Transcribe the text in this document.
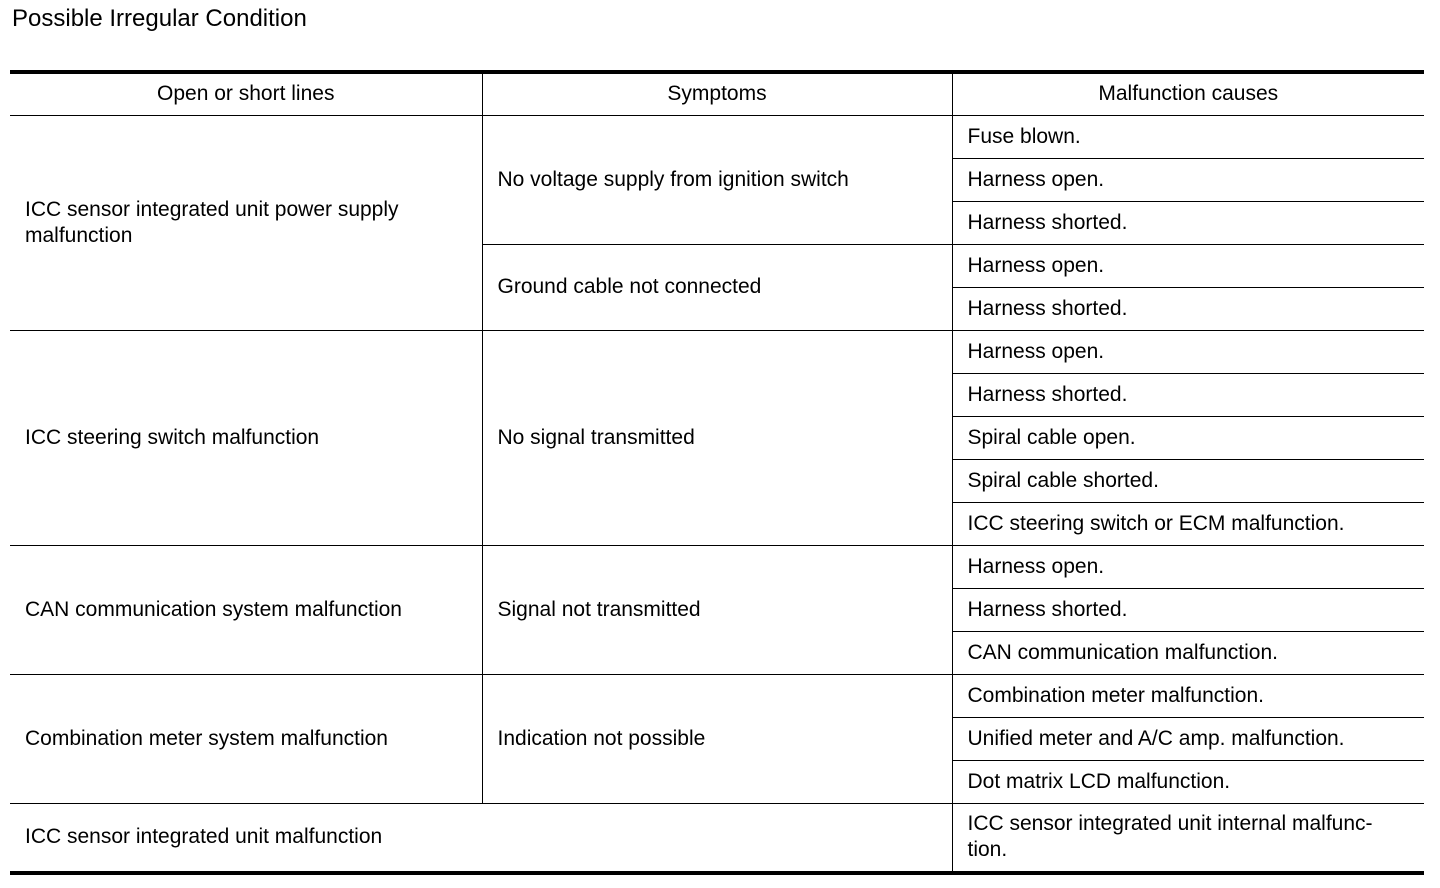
Possible Irregular Condition
Open or short lines	Symptoms	Malfunction causes
ICC sensor integrated unit power supply malfunction	No voltage supply from ignition switch	Fuse blown.
		Harness open.
		Harness shorted.
	Ground cable not connected	Harness open.
		Harness shorted.
ICC steering switch malfunction	No signal transmitted	Harness open.
		Harness shorted.
		Spiral cable open.
		Spiral cable shorted.
		ICC steering switch or ECM malfunction.
CAN communication system malfunction	Signal not transmitted	Harness open.
		Harness shorted.
		CAN communication malfunction.
Combination meter system malfunction	Indication not possible	Combination meter malfunction.
		Unified meter and A/C amp. malfunction.
		Dot matrix LCD malfunction.
ICC sensor integrated unit malfunction		ICC sensor integrated unit internal malfunc-tion.
